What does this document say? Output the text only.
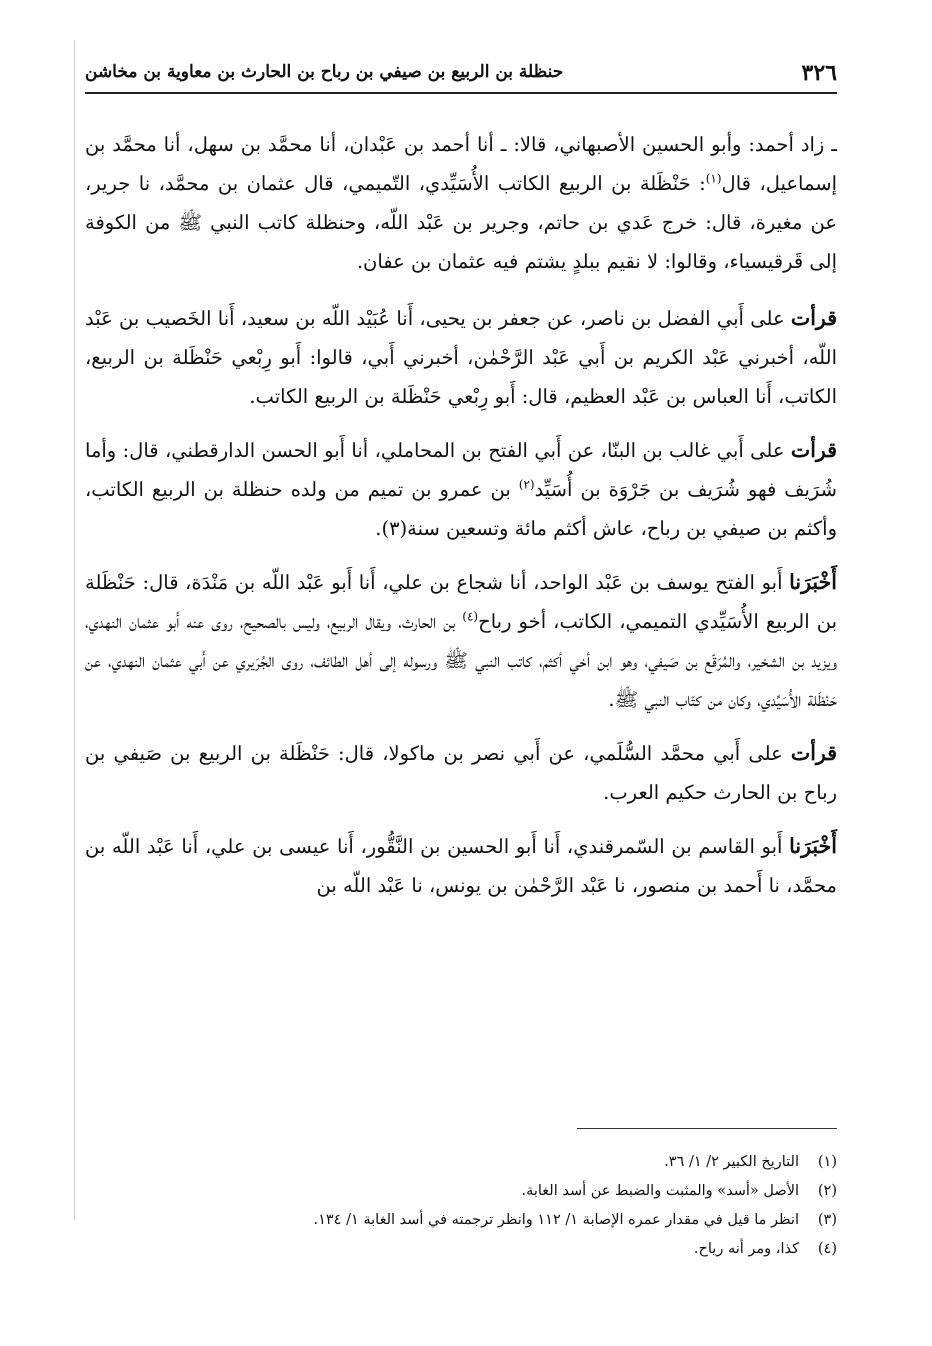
٣٢٦
حنظلة بن الربيع بن صيفي بن رباح بن الحارث بن معاوية بن مخاشن

ـ زاد أحمد: وأبو الحسين الأصبهاني، قالا: ـ أنا أحمد بن عَبْدان، أنا محمَّد بن سهل، أنا محمَّد بن إسماعيل، قال$^{(١)}$: حَنْظَلة بن الربيع الكاتب الأُسَيِّدي، التّميمي، قال عثمان بن محمَّد، نا جرير، عن مغيرة، قال: خرج عَدي بن حاتم، وجرير بن عَبْد اللّه، وحنظلة كاتب النبي ﷺ من الكوفة إلى قَرقيسياء، وقالوا: لا نقيم ببلدٍ يشتم فيه عثمان بن عفان.

قرأت على أَبي الفضل بن ناصر، عن جعفر بن يحيى، أَنا عُبَيْد اللّه بن سعيد، أَنا الخَصيب بن عَبْد اللّه، أخبرني عَبْد الكريم بن أَبي عَبْد الرَّحْمٰن، أخبرني أَبي، قالوا: أَبو رِبْعي حَنْظَلة بن الربيع، الكاتب، أَنا العباس بن عَبْد العظيم، قال: أَبو رِبْعي حَنْظَلة بن الربيع الكاتب.

قرأت على أَبي غالب بن البنّا، عن أَبي الفتح بن المحاملي، أنا أَبو الحسن الدارقطني، قال: وأما شُرَيف فهو شُرَيف بن جَرْوَة بن أُسَيِّد$^{(٢)}$ بن عمرو بن تميم من ولده حنظلة بن الربيع الكاتب، وأكثم بن صيفي بن رباح، عاش أكثم مائة وتسعين سنة(٣).

أَخْبَرَنا أَبو الفتح يوسف بن عَبْد الواحد، أنا شجاع بن علي، أَنا أَبو عَبْد اللّه بن مَنْدَة، قال: حَنْظَلة بن الربيع الأُسَيِّدي التميمي، الكاتب، أخو رباح$^{(٤)}$ بن الحارث، ويقال الربيع، وليس بالصحيح، روى عنه أَبو عثمان النهدي، ويزيد بن الشخير، والمُرَقّع بن صَيفي، وهو ابن أخي أكثم، كاتب النبي ﷺ ورسوله إلى أهل الطائف، روى الجُرَيري عن أَبي عثمان النهدي، عن حَنْظَلة الأُسَيِّدي، وكان من كتّاب النبي ﷺ.

قرأت على أَبي محمَّد السُّلَمي، عن أَبي نصر بن ماكولا، قال: حَنْظَلة بن الربيع بن صَيفي بن رباح بن الحارث حكيم العرب.

أَخْبَرَنا أَبو القاسم بن السّمرقندي، أَنا أَبو الحسين بن النَّقُّور، أَنا عيسى بن علي، أَنا عَبْد اللّه بن محمَّد، نا أَحمد بن منصور، نا عَبْد الرَّحْمٰن بن يونس، نا عَبْد اللّه بن

(١)
التاريخ الكبير ٢/ ١/ ٣٦.
(٢)
الأصل «أسد» والمثبت والضبط عن أسد الغابة.
(٣)
انظر ما قيل في مقدار عمره الإصابة ١/ ١١٢ وانظر ترجمته في أسد الغابة ١/ ١٣٤.
(٤)
كذا، ومر أنه رياح.
